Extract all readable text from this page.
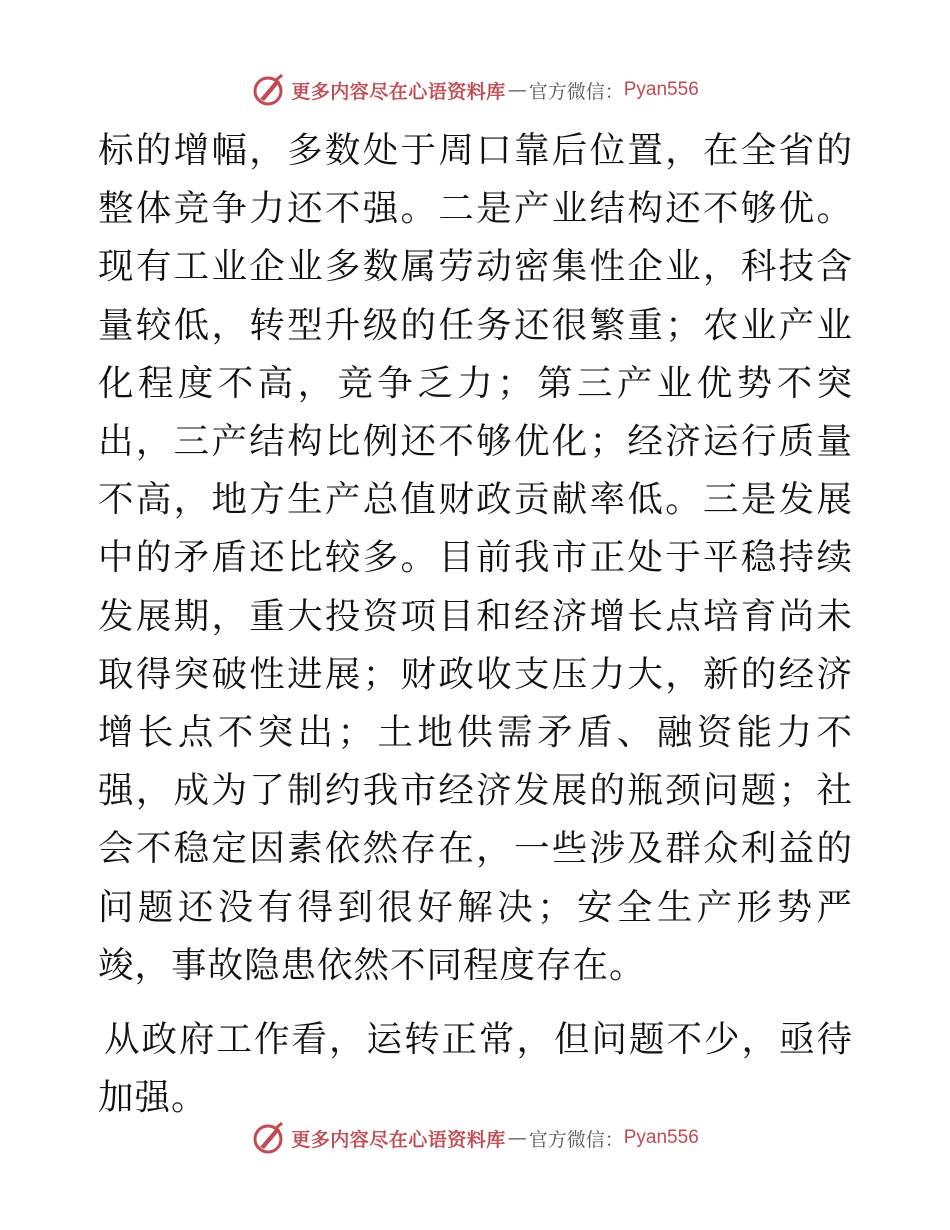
更多内容尽在心语资料库 — 官方微信： Pyan556

标的增幅，多数处于周口靠后位置，在全省的整体竞争力还不强。二是产业结构还不够优。现有工业企业多数属劳动密集性企业，科技含量较低，转型升级的任务还很繁重；农业产业化程度不高，竞争乏力；第三产业优势不突出，三产结构比例还不够优化；经济运行质量不高，地方生产总值财政贡献率低。三是发展中的矛盾还比较多。目前我市正处于平稳持续发展期，重大投资项目和经济增长点培育尚未取得突破性进展；财政收支压力大，新的经济增长点不突出；土地供需矛盾、融资能力不强，成为了制约我市经济发展的瓶颈问题；社会不稳定因素依然存在，一些涉及群众利益的问题还没有得到很好解决；安全生产形势严竣，事故隐患依然不同程度存在。

从政府工作看，运转正常，但问题不少，亟待加强。

更多内容尽在心语资料库 — 官方微信： Pyan556
